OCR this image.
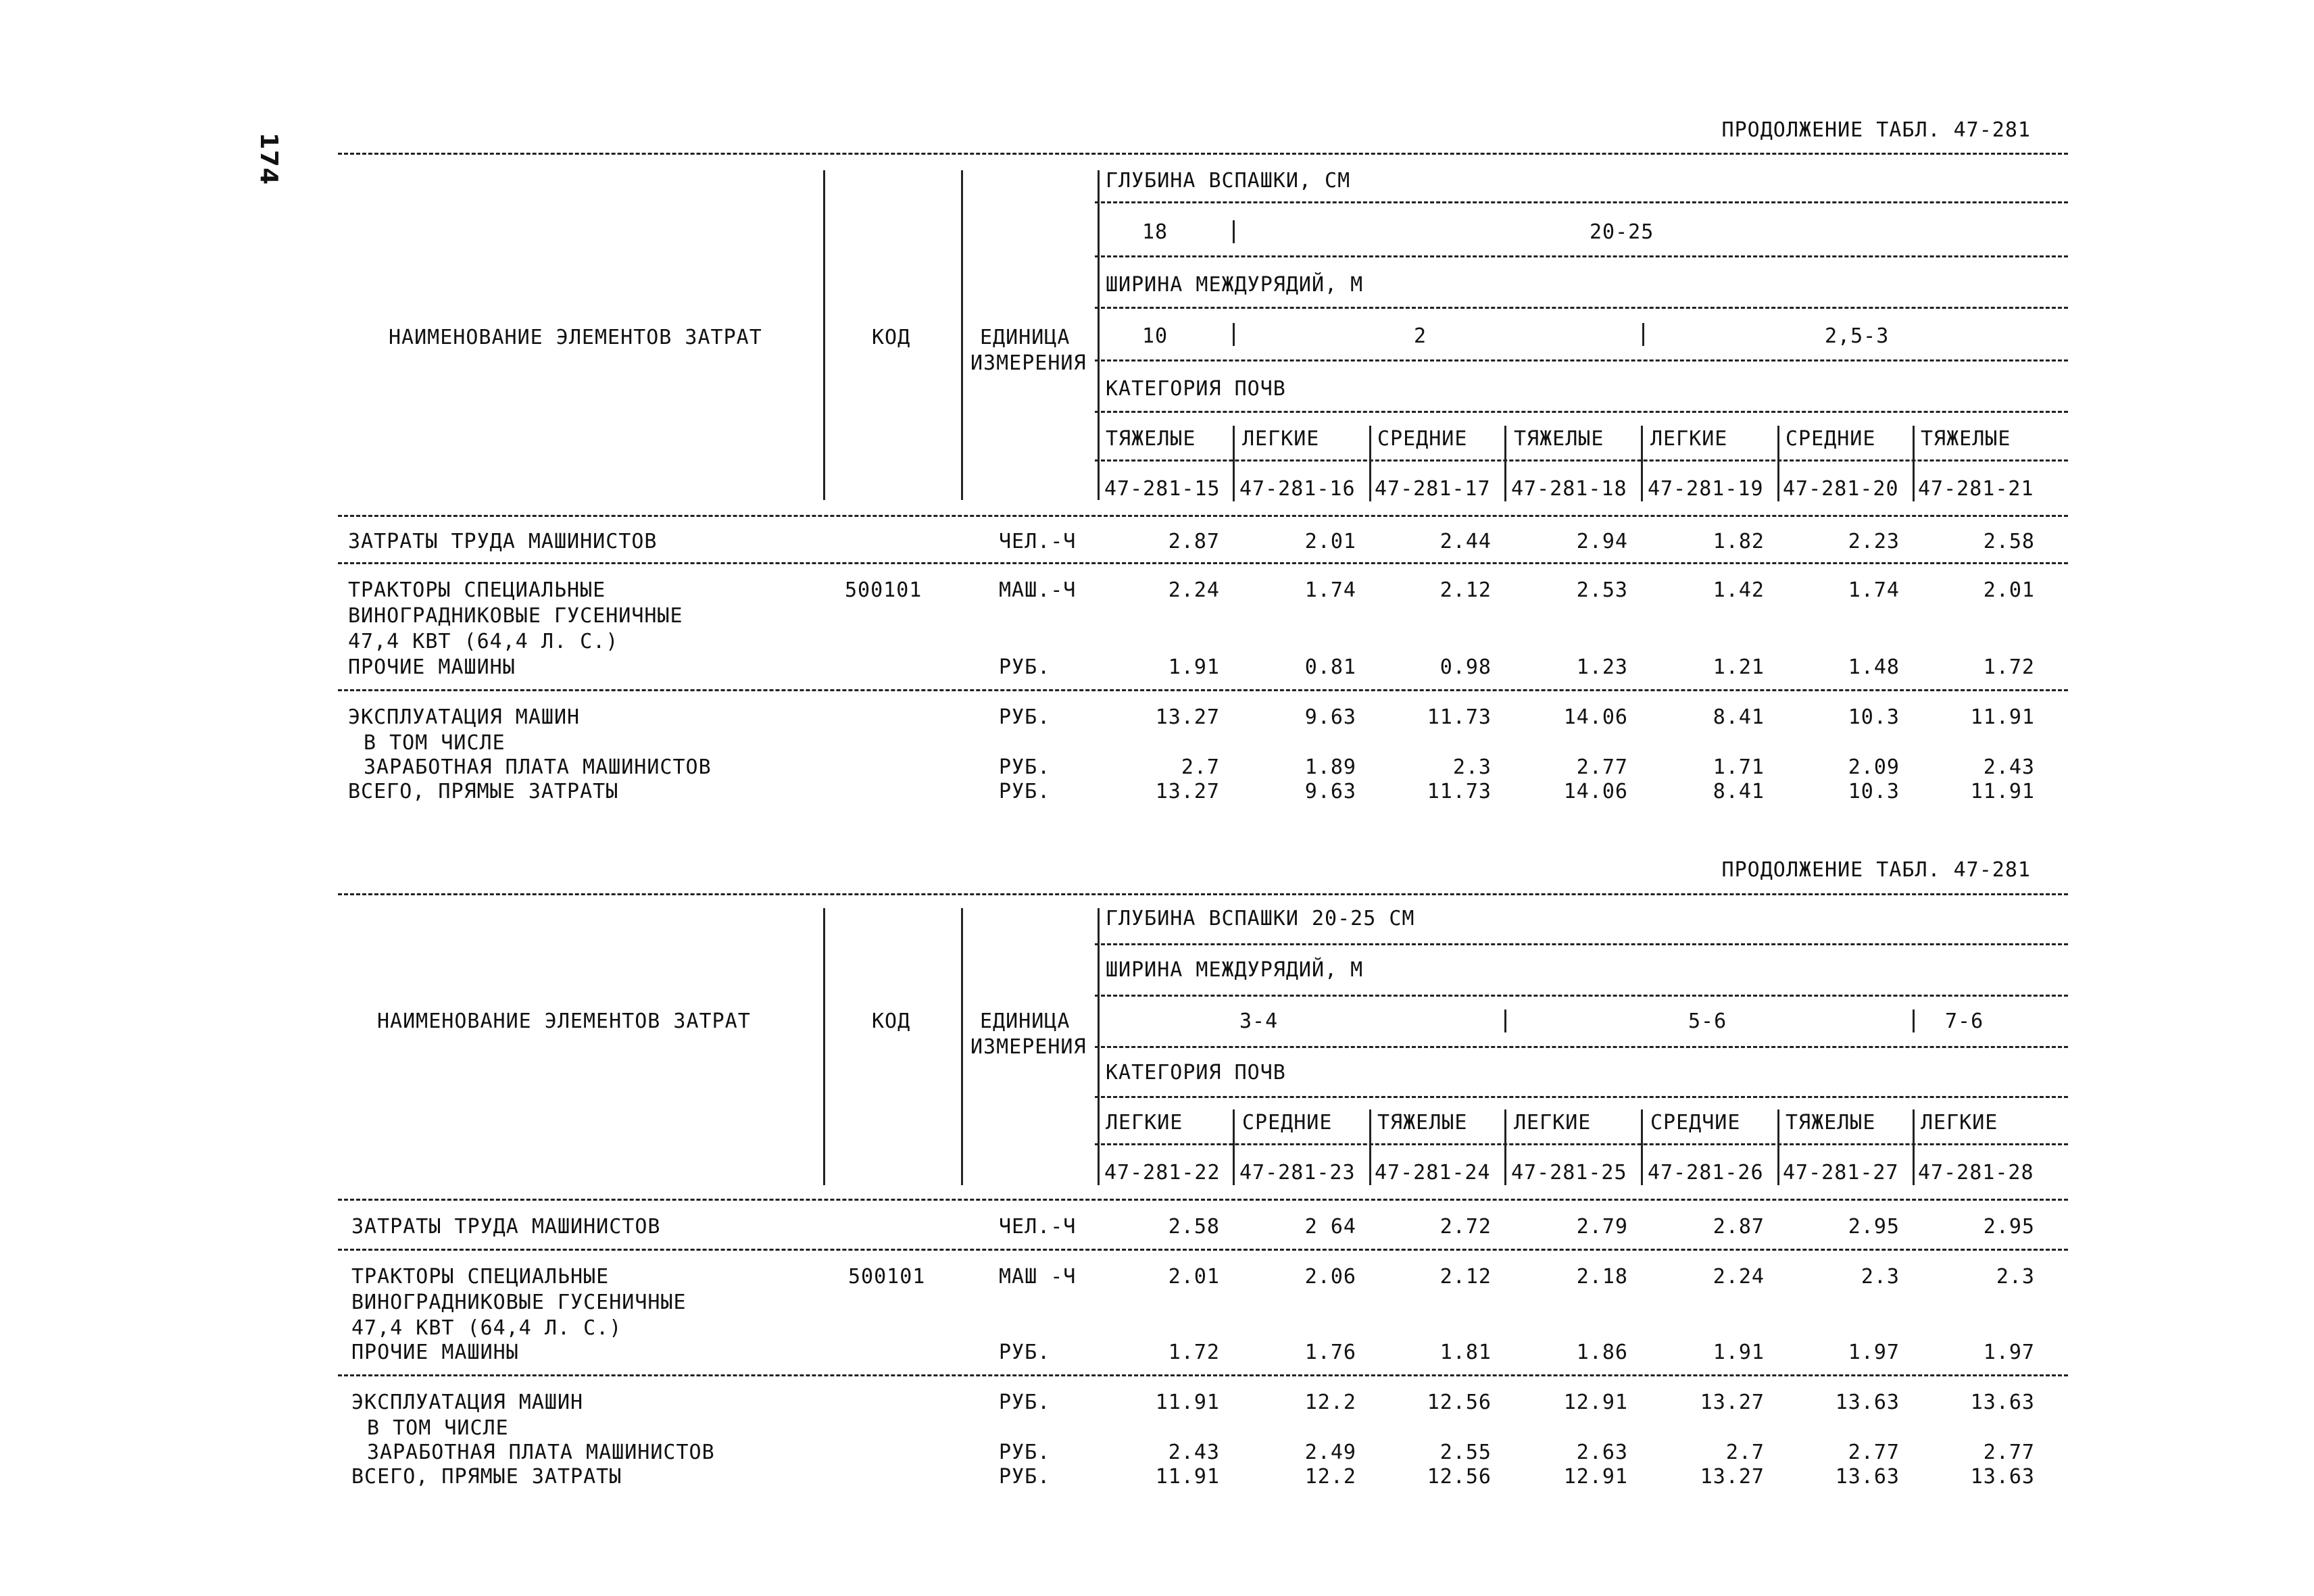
174
ПРОДОЛЖЕНИЕ ТАБЛ. 47-281
НАИМЕНОВАНИЕ ЭЛЕМЕНТОВ ЗАТРАТ	КОД	ЕДИНИЦА
ИЗМЕРЕНИЯ
ГЛУБИНА ВСПАШКИ, СМ
18	20-25
ШИРИНА МЕЖДУРЯДИЙ, М
10	2	2,5-3
КАТЕГОРИЯ ПОЧВ
ТЯЖЕЛЫЕ ЛЕГКИЕ	СРЕДНИЕ ТЯЖЕЛЫЕ ЛЕГКИЕ	СРЕДНИЕ ТЯЖЕЛЫЕ
47-281-15 47-281-16 47-281-17 47-281-18 47-281-19 47-281-20 47-281-21
ЗАТРАТЫ ТРУДА МАШИНИСТОВ	ЧЕЛ.-Ч	2.87	2.01	2.44	2.94	1.82	2.23	2.58
ТРАКТОРЫ СПЕЦИАЛЬНЫЕ
ВИНОГРАДНИКОВЫЕ ГУСЕНИЧНЫЕ
47,4 КВТ (64,4 Л. С.)
500101	МАШ.-Ч	2.24	1.74	2.12	2.53	1.42	1.74	2.01
ПРОЧИЕ МАШИНЫ	РУБ.	1.91	0.81	0.98	1.23	1.21	1.48	1.72
ЭКСПЛУАТАЦИЯ МАШИН	РУБ.	13.27	9.63	11.73	14.06	8.41	10.3	11.91
В ТОМ ЧИСЛЕ
ЗАРАБОТНАЯ ПЛАТА МАШИНИСТОВ	РУБ.	2.7	1.89	2.3	2.77	1.71	2.09	2.43
ВСЕГО, ПРЯМЫЕ ЗАТРАТЫ	РУБ.	13.27	9.63	11.73	14.06	8.41	10.3	11.91
ПРОДОЛЖЕНИЕ ТАБЛ. 47-281
НАИМЕНОВАНИЕ ЭЛЕМЕНТОВ ЗАТРАТ	КОД	ЕДИНИЦА
ИЗМЕРЕНИЯ
ГЛУБИНА ВСПАШКИ 20-25 СМ
ШИРИНА МЕЖДУРЯДИЙ, М
3-4	5-6	7-6
КАТЕГОРИЯ ПОЧВ
ЛЕГКИЕ	СРЕДНИЕ ТЯЖЕЛЫЕ ЛЕГКИЕ	СРЕДЧИЕ ТЯЖЕЛЫЕ ЛЕГКИЕ
47-281-22 47-281-23 47-281-24 47-281-25 47-281-26 47-281-27 47-281-28
ЗАТРАТЫ ТРУДА МАШИНИСТОВ	ЧЕЛ.-Ч	2.58	2 64	2.72	2.79	2.87	2.95	2.95
ТРАКТОРЫ СПЕЦИАЛЬНЫЕ
ВИНОГРАДНИКОВЫЕ ГУСЕНИЧНЫЕ
47,4 КВТ (64,4 Л. С.)
500101	МАШ -Ч	2.01	2.06	2.12	2.18	2.24	2.3	2.3
ПРОЧИЕ МАШИНЫ	РУБ.	1.72	1.76	1.81	1.86	1.91	1.97	1.97
ЭКСПЛУАТАЦИЯ МАШИН	РУБ.	11.91	12.2	12.56	12.91	13.27	13.63	13.63
В ТОМ ЧИСЛЕ
ЗАРАБОТНАЯ ПЛАТА МАШИНИСТОВ	РУБ.	2.43	2.49	2.55	2.63	2.7	2.77	2.77
ВСЕГО, ПРЯМЫЕ ЗАТРАТЫ	РУБ.	11.91	12.2	12.56	12.91	13.27	13.63	13.63
